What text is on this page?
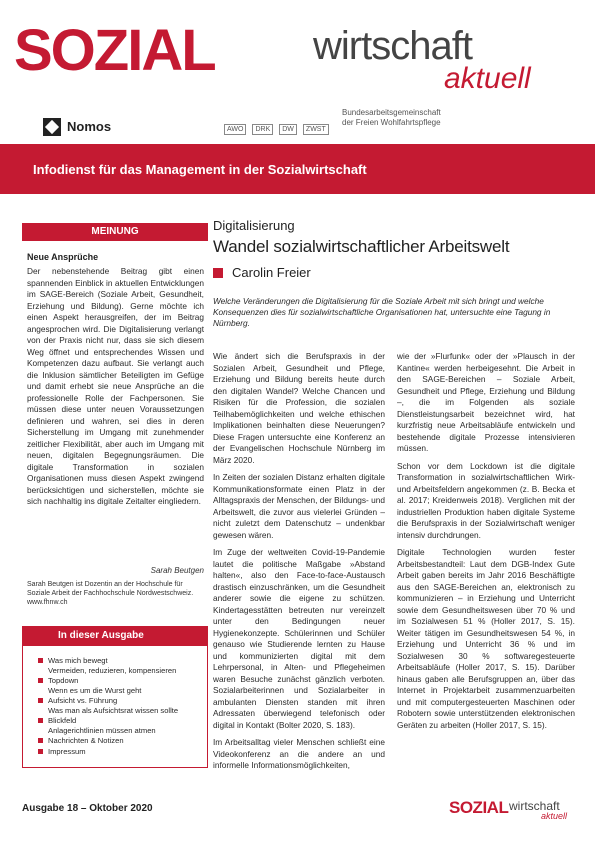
SOZIAL wirtschaft
aktuell
Nomos	AWO	DRK	DW	ZWST
Bundesarbeitsgemeinschaft der Freien Wohlfahrtspflege
Infodienst für das Management in der Sozialwirtschaft
MEINUNG
Neue Ansprüche
Der nebenstehende Beitrag gibt einen spannenden Einblick in aktuellen Entwicklungen im SAGE-Bereich (Soziale Arbeit, Gesundheit, Erziehung und Bildung). Gerne möchte ich einen Aspekt herausgreifen, der im Beitrag angesprochen wird. Die Digitalisierung verlangt von der Praxis nicht nur, dass sie sich diesem Weg öffnet und entsprechendes Wissen und Kompetenzen dazu aufbaut. Sie verlangt auch die Inklusion sämtlicher Beteiligten im Gefüge und damit erhebt sie neue Ansprüche an die professionelle Rolle der Fachpersonen. Sie müssen diese unter neuen Voraussetzungen definieren und wahren, sei dies in deren Sicherstellung im Umgang mit zunehmender zeitlicher Flexibilität, aber auch im Umgang mit neuen, digitalen Begegnungsräumen. Die digitale Transformation in sozialen Organisationen muss diesen Aspekt zwingend berücksichtigen und sicherstellen, möchte sie sich nachhaltig ins digitale Zeitalter eingliedern.
Sarah Beutgen
Sarah Beutgen ist Dozentin an der Hochschule für Soziale Arbeit der Fachhochschule Nordwestschweiz. www.fhnw.ch
In dieser Ausgabe
Was mich bewegt
Vermeiden, reduzieren, kompensieren
Topdown
Wenn es um die Wurst geht
Aufsicht vs. Führung
Was man als Aufsichtsrat wissen sollte
Blickfeld
Anlagerichtlinien müssen atmen
Nachrichten & Notizen
Impressum
Ausgabe 18 – Oktober 2020
Digitalisierung
Wandel sozialwirtschaftlicher Arbeitswelt
Carolin Freier
Welche Veränderungen die Digitalisierung für die Soziale Arbeit mit sich bringt und welche Konsequenzen dies für sozialwirtschaftliche Organisationen hat, untersuchte eine Tagung in Nürnberg.

Wie ändert sich die Berufspraxis in der Sozialen Arbeit, Gesundheit und Pflege, Erziehung und Bildung bereits heute durch den digitalen Wandel? Welche Chancen und Risiken für die Profession, die sozialen Teilhabemöglichkeiten und welche ethischen Implikationen beinhalten diese Neuerungen? Diese Fragen untersuchte eine Konferenz an der Evangelischen Hochschule Nürnberg im März 2020.

In Zeiten der sozialen Distanz erhalten digitale Kommunikationsformate einen Platz in der Alltagspraxis der Menschen, der Bildungs- und Arbeitswelt, die zuvor aus vielerlei Gründen – nicht zuletzt dem Datenschutz – undenkbar gewesen wären.

Im Zuge der weltweiten Covid-19-Pandemie lautet die politische Maßgabe »Abstand halten«, also den Face-to-face-Austausch drastisch einzuschränken, um die Gesundheit anderer sowie die eigene zu schützen. Kindertagesstätten betreuten nur vereinzelt unter den Bedingungen neuer Hygienekonzepte. Schülerinnen und Schüler genauso wie Studierende lernten zu Hause und kommunizierten digital mit dem Lehrpersonal, in Alten- und Pflegeheimen waren Besuche zunächst gänzlich verboten. Sozialarbeiterinnen und Sozialarbeiter in ambulanten Diensten standen mit ihren Adressaten überwiegend telefonisch oder digital in Kontakt (Bolter 2020, S. 183).

Im Arbeitsalltag vieler Menschen schließt eine Videokonferenz an die andere an und informelle Informationsmöglichkeiten,

wie der »Flurfunk« oder der »Plausch in der Kantine« werden herbeigesehnt. Die Arbeit in den SAGE-Bereichen – Soziale Arbeit, Gesundheit und Pflege, Erziehung und Bildung –, die im Folgenden als soziale Dienstleistungsarbeit bezeichnet wird, hat kurzfristig neue Arbeitsabläufe entwickeln und bestehende digitale Prozesse intensivieren müssen.

Schon vor dem Lockdown ist die digitale Transformation in sozialwirtschaftlichen Wirk- und Arbeitsfeldern angekommen (z. B. Becka et al. 2017; Kreidenweis 2018). Verglichen mit der industriellen Produktion haben digitale Systeme die Berufspraxis in der Sozialwirtschaft weniger intensiv durchdrungen.

Digitale Technologien wurden fester Arbeitsbestandteil: Laut dem DGB-Index Gute Arbeit gaben bereits im Jahr 2016 Beschäftigte aus den SAGE-Bereichen an, elektronisch zu kommunizieren – in Erziehung und Unterricht sowie dem Gesundheitswesen über 70 % und im Sozialwesen 51 % (Holler 2017, S. 15). Weiter tätigen im Gesundheitswesen 54 %, in Erziehung und Unterricht 36 % und im Sozialwesen 30 % softwaregesteuerte Arbeitsabläufe (Holler 2017, S. 15). Darüber hinaus gaben alle Berufsgruppen an, über das Internet in Projektarbeit zusammenzuarbeiten und mit computergesteuerten Maschinen oder Robotern sowie unterstützenden elektronischen Geräten zu arbeiten (Holler 2017, S. 15).

SOZIAL wirtschaft
aktuell
